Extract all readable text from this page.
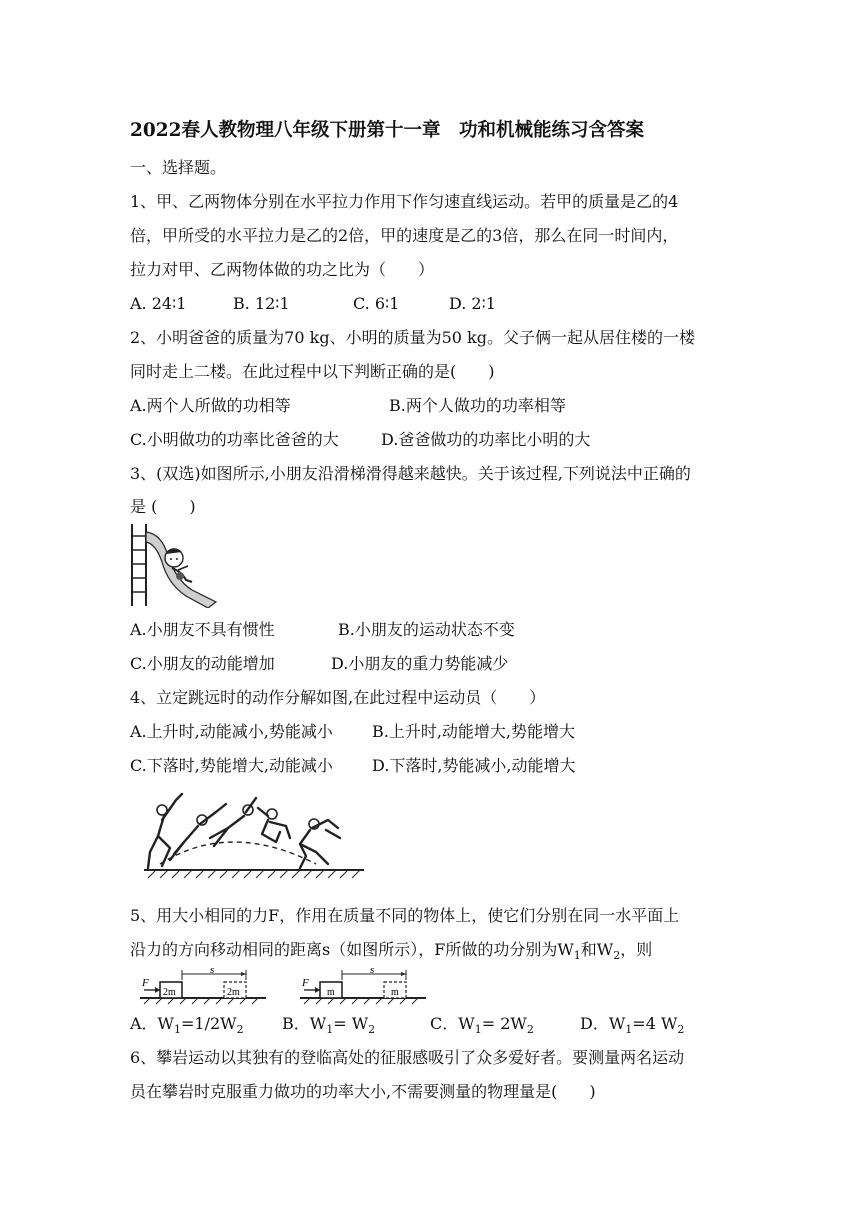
2022春人教物理八年级下册第十一章　功和机械能练习含答案
一、选择题。
1、甲、乙两物体分别在水平拉力作用下作匀速直线运动。若甲的质量是乙的4
倍，甲所受的水平拉力是乙的2倍，甲的速度是乙的3倍，那么在同一时间内，
拉力对甲、乙两物体做的功之比为（　　）
A. 24∶1	B. 12∶1	C. 6∶1	D. 2∶1
2、小明爸爸的质量为70 kg、小明的质量为50 kg。父子俩一起从居住楼的一楼
同时走上二楼。在此过程中以下判断正确的是(　　)
A.两个人所做的功相等	B.两个人做功的功率相等
C.小明做功的功率比爸爸的大	D.爸爸做功的功率比小明的大
3、(双选)如图所示,小朋友沿滑梯滑得越来越快。关于该过程,下列说法中正确的
是 (　　)
A.小朋友不具有惯性	B.小朋友的运动状态不变
C.小朋友的动能增加	D.小朋友的重力势能减少
4、立定跳远时的动作分解如图,在此过程中运动员（　　）
A.上升时,动能减小,势能减小 B.上升时,动能增大,势能增大
C.下落时,势能增大,动能减小 D.下落时,势能减小,动能增大
5、用大小相同的力F，作用在质量不同的物体上，使它们分别在同一水平面上
沿力的方向移动相同的距离s（如图所示），F所做的功分别为$W_1$和$W_2$，则
F
2m	2m
s
F
m	m
s
A．$W_1=1/2W_2$ B．$W_1= W_2$	C．$W_1= 2W_2$	D．$W_1=4$ $W_2$
6、攀岩运动以其独有的登临高处的征服感吸引了众多爱好者。要测量两名运动
员在攀岩时克服重力做功的功率大小,不需要测量的物理量是(　　)
